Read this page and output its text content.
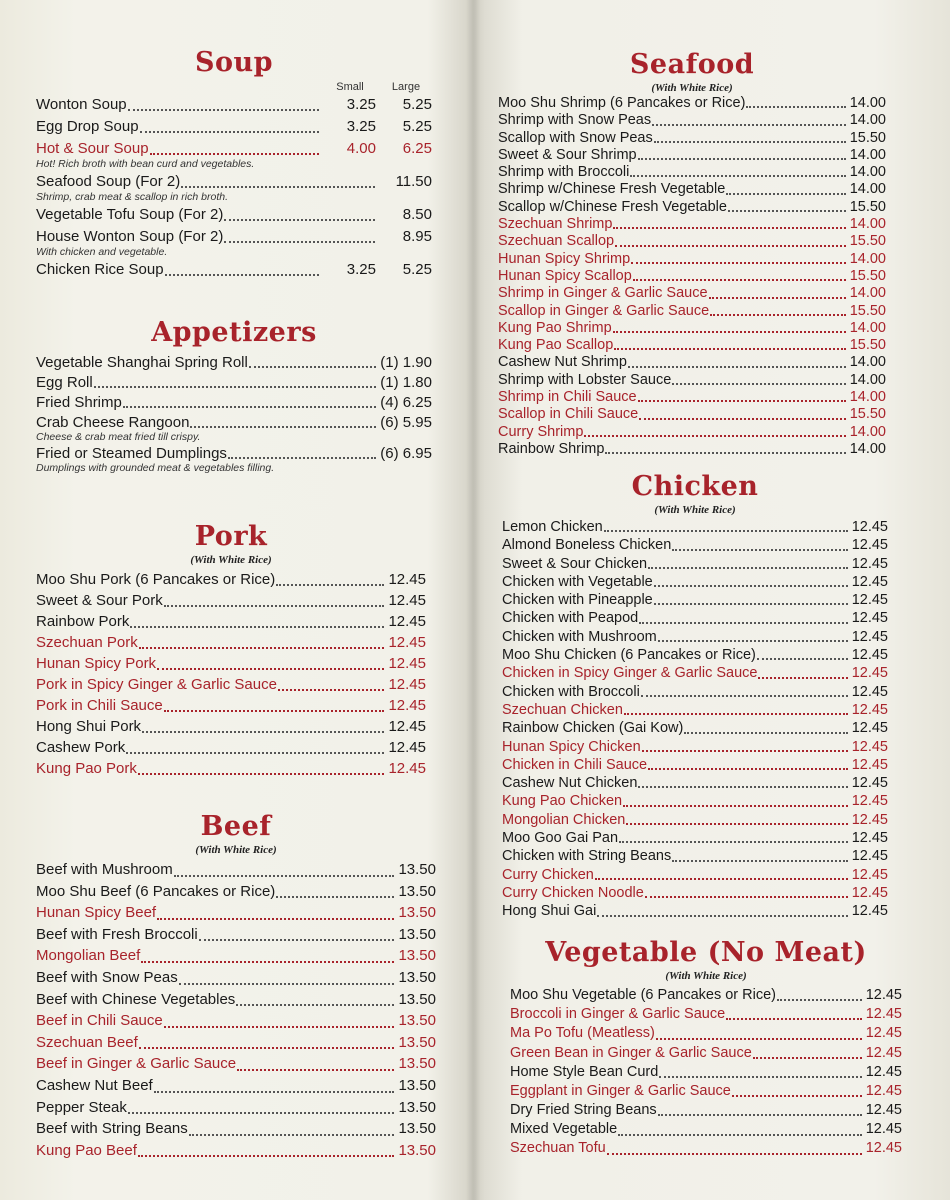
Soup
Small	Large
Wonton Soup	3.25	5.25
Egg Drop Soup	3.25	5.25
Hot & Sour Soup	4.00	6.25
Hot! Rich broth with bean curd and vegetables.
Seafood Soup (For 2)	11.50
Shrimp, crab meat & scallop in rich broth.
Vegetable Tofu Soup (For 2)	8.50
House Wonton Soup (For 2)	8.95
With chicken and vegetable.
Chicken Rice Soup	3.25	5.25
Appetizers
Vegetable Shanghai Spring Roll	(1) 1.90
Egg Roll	(1) 1.80
Fried Shrimp	(4) 6.25
Crab Cheese Rangoon	(6) 5.95
Cheese & crab meat fried till crispy.
Fried or Steamed Dumplings	(6) 6.95
Dumplings with grounded meat & vegetables filling.
Pork
(With White Rice)
Moo Shu Pork (6 Pancakes or Rice)	12.45
Sweet & Sour Pork	12.45
Rainbow Pork	12.45
Szechuan Pork	12.45
Hunan Spicy Pork	12.45
Pork in Spicy Ginger & Garlic Sauce	12.45
Pork in Chili Sauce	12.45
Hong Shui Pork	12.45
Cashew Pork	12.45
Kung Pao Pork	12.45
Beef
(With White Rice)
Beef with Mushroom	13.50
Moo Shu Beef (6 Pancakes or Rice)	13.50
Hunan Spicy Beef	13.50
Beef with Fresh Broccoli	13.50
Mongolian Beef	13.50
Beef with Snow Peas	13.50
Beef with Chinese Vegetables	13.50
Beef in Chili Sauce	13.50
Szechuan Beef	13.50
Beef in Ginger & Garlic Sauce	13.50
Cashew Nut Beef	13.50
Pepper Steak	13.50
Beef with String Beans	13.50
Kung Pao Beef	13.50
Seafood
(With White Rice)
Moo Shu Shrimp (6 Pancakes or Rice)	14.00
Shrimp with Snow Peas	14.00
Scallop with Snow Peas	15.50
Sweet & Sour Shrimp	14.00
Shrimp with Broccoli	14.00
Shrimp w/Chinese Fresh Vegetable	14.00
Scallop w/Chinese Fresh Vegetable	15.50
Szechuan Shrimp	14.00
Szechuan Scallop	15.50
Hunan Spicy Shrimp	14.00
Hunan Spicy Scallop	15.50
Shrimp in Ginger & Garlic Sauce	14.00
Scallop in Ginger & Garlic Sauce	15.50
Kung Pao Shrimp	14.00
Kung Pao Scallop	15.50
Cashew Nut Shrimp	14.00
Shrimp with Lobster Sauce	14.00
Shrimp in Chili Sauce	14.00
Scallop in Chili Sauce	15.50
Curry Shrimp	14.00
Rainbow Shrimp	14.00
Chicken
(With White Rice)
Lemon Chicken	12.45
Almond Boneless Chicken	12.45
Sweet & Sour Chicken	12.45
Chicken with Vegetable	12.45
Chicken with Pineapple	12.45
Chicken with Peapod	12.45
Chicken with Mushroom	12.45
Moo Shu Chicken (6 Pancakes or Rice)	12.45
Chicken in Spicy Ginger & Garlic Sauce	12.45
Chicken with Broccoli	12.45
Szechuan Chicken	12.45
Rainbow Chicken (Gai Kow)	12.45
Hunan Spicy Chicken	12.45
Chicken in Chili Sauce	12.45
Cashew Nut Chicken	12.45
Kung Pao Chicken	12.45
Mongolian Chicken	12.45
Moo Goo Gai Pan	12.45
Chicken with String Beans	12.45
Curry Chicken	12.45
Curry Chicken Noodle	12.45
Hong Shui Gai	12.45
Vegetable (No Meat)
(With White Rice)
Moo Shu Vegetable (6 Pancakes or Rice)	12.45
Broccoli in Ginger & Garlic Sauce	12.45
Ma Po Tofu (Meatless)	12.45
Green Bean in Ginger & Garlic Sauce	12.45
Home Style Bean Curd	12.45
Eggplant in Ginger & Garlic Sauce	12.45
Dry Fried String Beans	12.45
Mixed Vegetable	12.45
Szechuan Tofu	12.45
